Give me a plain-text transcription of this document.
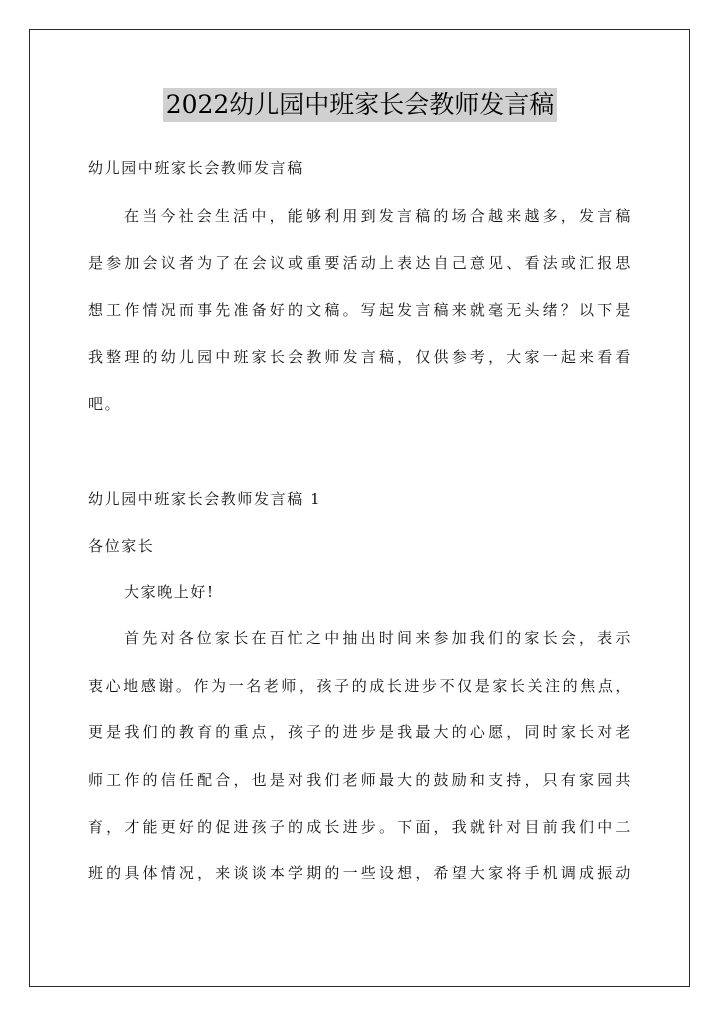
2022幼儿园中班家长会教师发言稿
幼儿园中班家长会教师发言稿
在当今社会生活中，能够利用到发言稿的场合越来越多，发言稿
是参加会议者为了在会议或重要活动上表达自己意见、看法或汇报思
想工作情况而事先准备好的文稿。写起发言稿来就毫无头绪？以下是
我整理的幼儿园中班家长会教师发言稿，仅供参考，大家一起来看看
吧。
幼儿园中班家长会教师发言稿 1
各位家长
大家晚上好!
首先对各位家长在百忙之中抽出时间来参加我们的家长会，表示
衷心地感谢。作为一名老师，孩子的成长进步不仅是家长关注的焦点，
更是我们的教育的重点，孩子的进步是我最大的心愿，同时家长对老
师工作的信任配合，也是对我们老师最大的鼓励和支持，只有家园共
育，才能更好的促进孩子的成长进步。下面，我就针对目前我们中二
班的具体情况，来谈谈本学期的一些设想，希望大家将手机调成振动
